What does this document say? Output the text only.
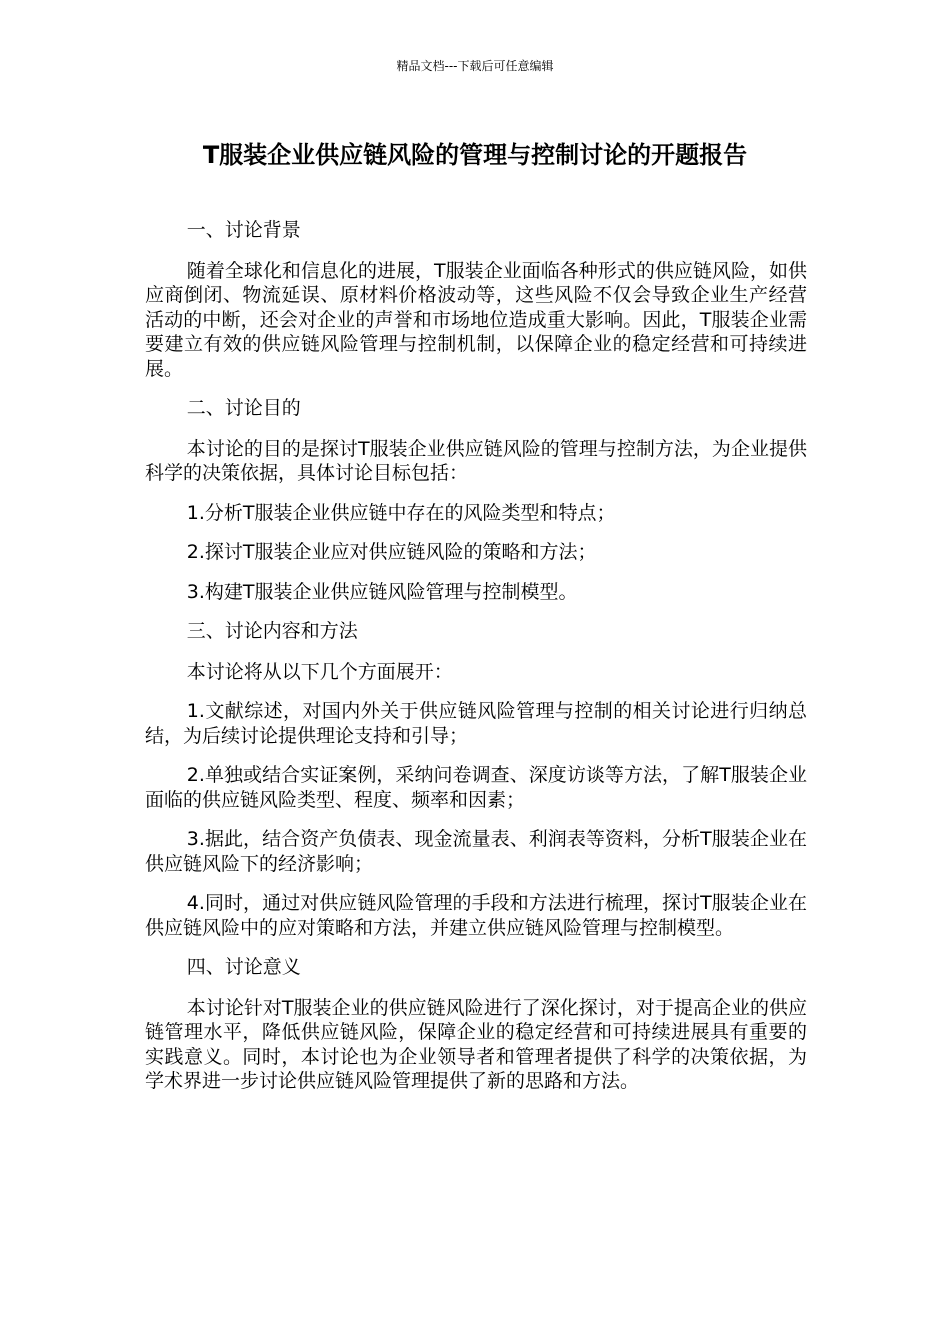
精品文档---下载后可任意编辑
T服装企业供应链风险的管理与控制讨论的开题报告

一、讨论背景

随着全球化和信息化的进展，T服装企业面临各种形式的供应链风险，如供应商倒闭、物流延误、原材料价格波动等，这些风险不仅会导致企业生产经营活动的中断，还会对企业的声誉和市场地位造成重大影响。因此，T服装企业需要建立有效的供应链风险管理与控制机制，以保障企业的稳定经营和可持续进展。

二、讨论目的

本讨论的目的是探讨T服装企业供应链风险的管理与控制方法，为企业提供科学的决策依据，具体讨论目标包括：

1.分析T服装企业供应链中存在的风险类型和特点；

2.探讨T服装企业应对供应链风险的策略和方法；

3.构建T服装企业供应链风险管理与控制模型。

三、讨论内容和方法

本讨论将从以下几个方面展开：

1.文献综述，对国内外关于供应链风险管理与控制的相关讨论进行归纳总结，为后续讨论提供理论支持和引导；

2.单独或结合实证案例，采纳问卷调查、深度访谈等方法，了解T服装企业面临的供应链风险类型、程度、频率和因素；

3.据此，结合资产负债表、现金流量表、利润表等资料，分析T服装企业在供应链风险下的经济影响；

4.同时，通过对供应链风险管理的手段和方法进行梳理，探讨T服装企业在供应链风险中的应对策略和方法，并建立供应链风险管理与控制模型。

四、讨论意义

本讨论针对T服装企业的供应链风险进行了深化探讨，对于提高企业的供应链管理水平，降低供应链风险，保障企业的稳定经营和可持续进展具有重要的实践意义。同时，本讨论也为企业领导者和管理者提供了科学的决策依据，为学术界进一步讨论供应链风险管理提供了新的思路和方法。
